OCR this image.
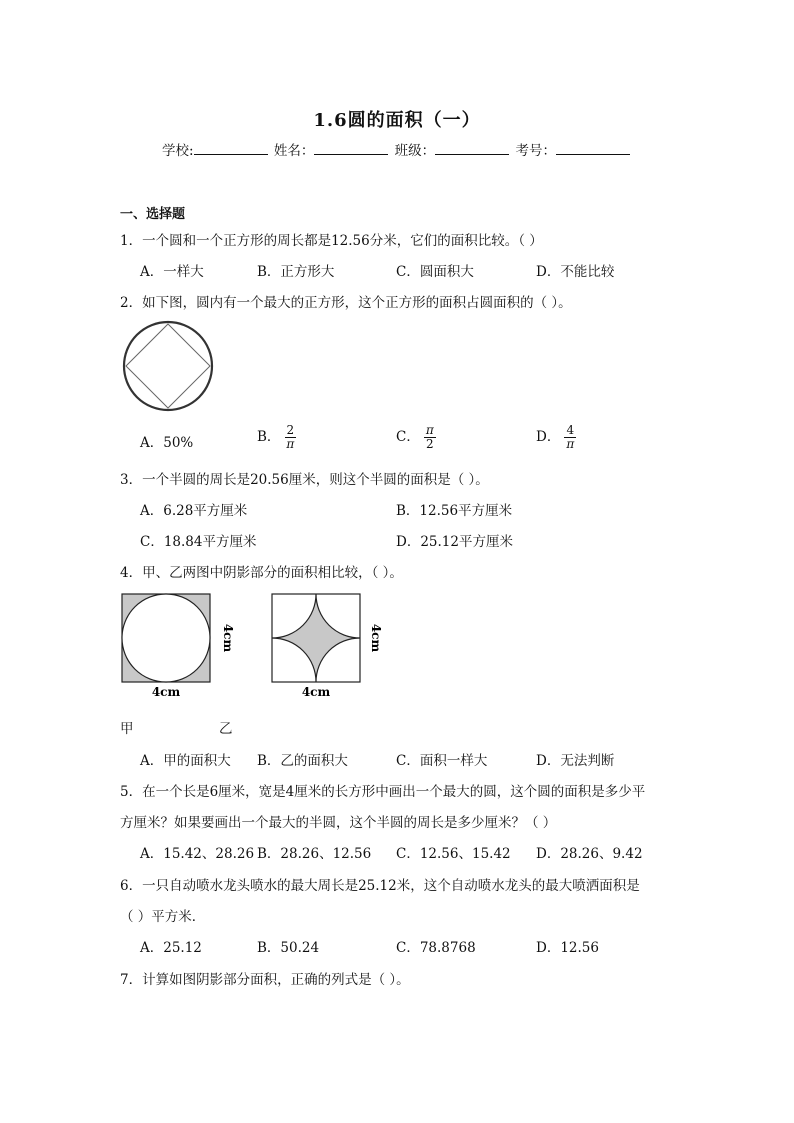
1.6圆的面积（一）
学校:	姓名：	班级：	考号：
一、选择题
1．一个圆和一个正方形的周长都是12.56分米，它们的面积比较。（ ）
A．一样大	B．正方形大	C．圆面积大	D．不能比较
2．如下图，圆内有一个最大的正方形，这个正方形的面积占圆面积的（ ）。
A．50%	B． $\frac{2}{\pi}$	C． $\frac{\pi}{2}$	D． $\frac{4}{\pi}$
3．一个半圆的周长是20.56厘米，则这个半圆的面积是（ ）。
A．6.28平方厘米	B．12.56平方厘米
C．18.84平方厘米	D．25.12平方厘米
4．甲、乙两图中阴影部分的面积相比较，（ ）。
4cm
4cm
4cm
4cm
甲	乙
A．甲的面积大 B．乙的面积大	C．面积一样大	D．无法判断
5．在一个长是6厘米，宽是4厘米的长方形中画出一个最大的圆，这个圆的面积是多少平
方厘米？如果要画出一个最大的半圆，这个半圆的周长是多少厘米？（ ）
A．15.42、28.26 B．28.26、12.56 C．12.56、15.42 D．28.26、9.42
6．一只自动喷水龙头喷水的最大周长是25.12米，这个自动喷水龙头的最大喷洒面积是
（ ）平方米．
A．25.12	B．50.24	C．78.8768	D．12.56
7．计算如图阴影部分面积，正确的列式是（ ）。
